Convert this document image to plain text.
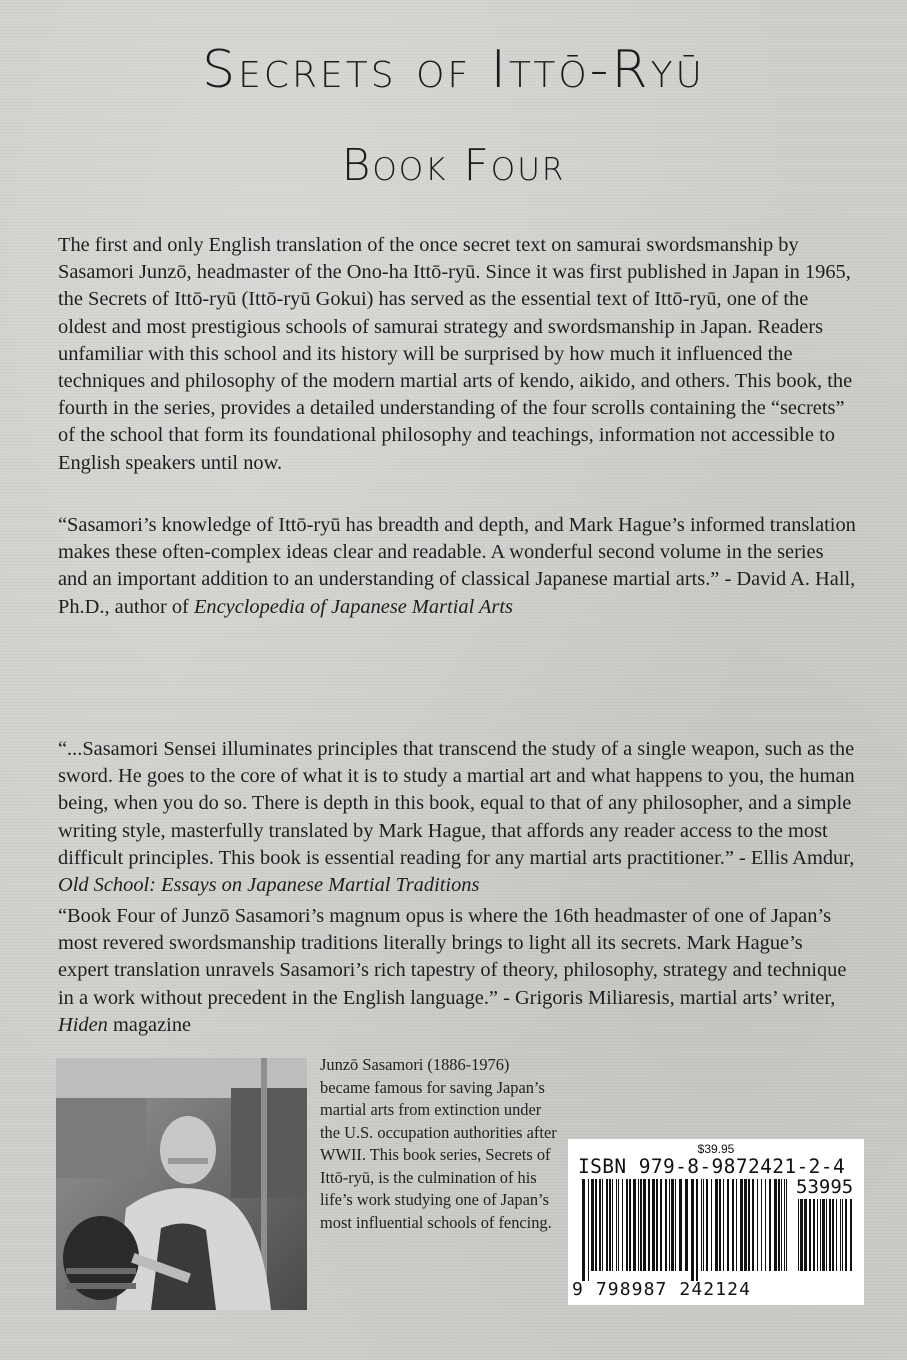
Secrets of Ittō-Ryū
Book Four

The first and only English translation of the once secret text on samurai swordsmanship by Sasamori Junzō, headmaster of the Ono-ha Ittō-ryū. Since it was first published in Japan in 1965, the Secrets of Ittō-ryū (Ittō-ryū Gokui) has served as the essential text of Ittō-ryū, one of the oldest and most prestigious schools of samurai strategy and swordsmanship in Japan. Readers unfamiliar with this school and its history will be surprised by how much it influenced the techniques and philosophy of the modern martial arts of kendo, aikido, and others. This book, the fourth in the series, provides a detailed understanding of the four scrolls containing the “secrets” of the school that form its foundational philosophy and teachings, information not accessible to English speakers until now.

“Sasamori’s knowledge of Ittō-ryū has breadth and depth, and Mark Hague’s informed translation makes these often-complex ideas clear and readable. A wonderful second volume in the series and an important addition to an understanding of classical Japanese martial arts.” - David A. Hall, Ph.D., author of Encyclopedia of Japanese Martial Arts

“...Sasamori Sensei illuminates principles that transcend the study of a single weapon, such as the sword. He goes to the core of what it is to study a martial art and what happens to you, the human being, when you do so. There is depth in this book, equal to that of any philosopher, and a simple writing style, masterfully translated by Mark Hague, that affords any reader access to the most difficult principles. This book is essential reading for any martial arts practitioner.” - Ellis Amdur, Old School: Essays on Japanese Martial Traditions

“Book Four of Junzō Sasamori’s magnum opus is where the 16th headmaster of one of Japan’s most revered swordsmanship traditions literally brings to light all its secrets. Mark Hague’s expert translation unravels Sasamori’s rich tapestry of theory, philosophy, strategy and technique in a work without precedent in the English language.” - Grigoris Miliaresis, martial arts’ writer, Hiden magazine

Junzō Sasamori (1886-1976) became famous for saving Japan’s martial arts from extinction under the U.S. occupation authorities after WWII. This book series, Secrets of Ittō-ryū, is the culmination of his life’s work studying one of Japan’s most influential schools of fencing.

$39.95
ISBN 979-8-9872421-2-4
53995
9 798987 242124
